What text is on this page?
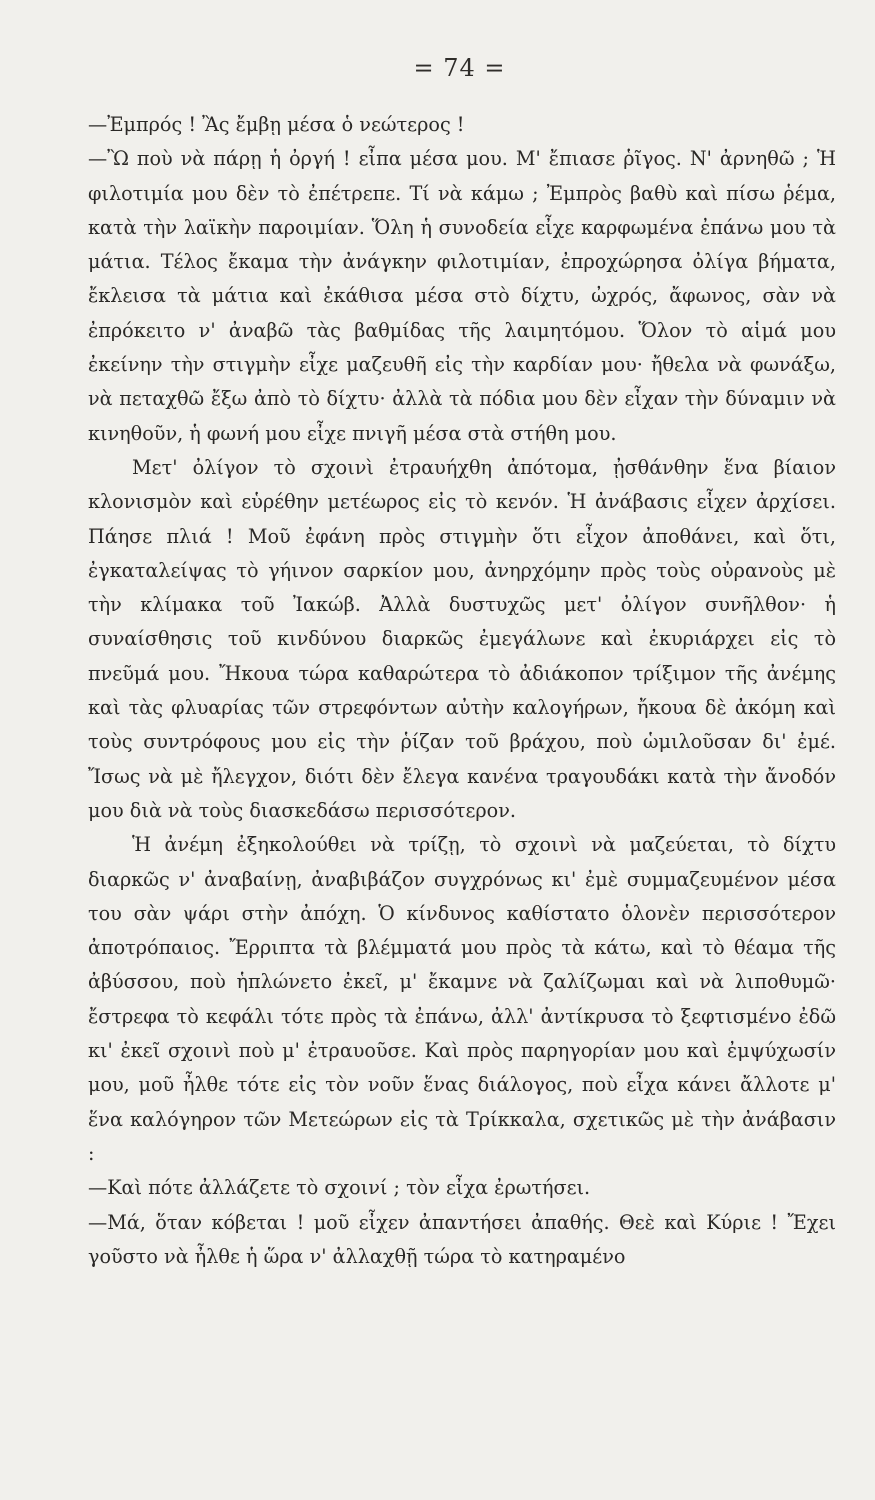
= 74 =

—Ἐμπρός ! Ἂς ἔμβῃ μέσα ὁ νεώτερος !

—Ὢ ποὺ νὰ πάρῃ ἡ ὀργή ! εἶπα μέσα μου. Μ' ἔπιασε ῥῖγος. Ν' ἀρνηθῶ ; Ἡ φιλοτιμία μου δὲν τὸ ἐπέτρεπε. Τί νὰ κάμω ; Ἐμπρὸς βαθὺ καὶ πίσω ῥέμα, κατὰ τὴν λαϊκὴν παροιμίαν. Ὅλη ἡ συνοδεία εἶχε καρφωμένα ἐπάνω μου τὰ μάτια. Τέλος ἔκαμα τὴν ἀνάγκην φιλοτιμίαν, ἐπροχώρησα ὀλίγα βήματα, ἔκλεισα τὰ μάτια καὶ ἐκάθισα μέσα στὸ δίχτυ, ὠχρός, ἄφωνος, σὰν νὰ ἐπρόκειτο ν' ἀναβῶ τὰς βαθμίδας τῆς λαιμητόμου. Ὅλον τὸ αἱμά μου ἐκείνην τὴν στιγμὴν εἶχε μαζευθῆ εἰς τὴν καρδίαν μου· ἤθελα νὰ φωνάξω, νὰ πεταχθῶ ἔξω ἀπὸ τὸ δίχτυ· ἀλλὰ τὰ πόδια μου δὲν εἶχαν τὴν δύναμιν νὰ κινηθοῦν, ἡ φωνή μου εἶχε πνιγῆ μέσα στὰ στήθη μου.

Μετ' ὀλίγον τὸ σχοινὶ ἐτραυήχθη ἀπότομα, ᾐσθάνθην ἕνα βίαιον κλονισμὸν καὶ εὑρέθην μετέωρος εἰς τὸ κενόν. Ἡ ἀνάβασις εἶχεν ἀρχίσει. Πάησε πλιά ! Μοῦ ἐφάνη πρὸς στιγμὴν ὅτι εἶχον ἀποθάνει, καὶ ὅτι, ἐγκαταλείψας τὸ γήινον σαρκίον μου, ἀνηρχόμην πρὸς τοὺς οὐρανοὺς μὲ τὴν κλίμακα τοῦ Ἰακώβ. Ἀλλὰ δυστυχῶς μετ' ὀλίγον συνῆλθον· ἡ συναίσθησις τοῦ κινδύνου διαρκῶς ἐμεγάλωνε καὶ ἐκυριάρχει εἰς τὸ πνεῦμά μου. Ἤκουα τώρα καθαρώτερα τὸ ἀδιάκοπον τρίξιμον τῆς ἀνέμης καὶ τὰς φλυαρίας τῶν στρεφόντων αὐτὴν καλογήρων, ἤκουα δὲ ἀκόμη καὶ τοὺς συντρόφους μου εἰς τὴν ῥίζαν τοῦ βράχου, ποὺ ὡμιλοῦσαν δι' ἐμέ. Ἴσως νὰ μὲ ἤλεγχον, διότι δὲν ἔλεγα κανένα τραγουδάκι κατὰ τὴν ἄνοδόν μου διὰ νὰ τοὺς διασκεδάσω περισσότερον.

Ἡ ἀνέμη ἐξηκολούθει νὰ τρίζῃ, τὸ σχοινὶ νὰ μαζεύεται, τὸ δίχτυ διαρκῶς ν' ἀναβαίνῃ, ἀναβιβάζον συγχρόνως κι' ἐμὲ συμμαζευμένον μέσα του σὰν ψάρι στὴν ἀπόχη. Ὁ κίνδυνος καθίστατο ὁλονὲν περισσότερον ἀποτρόπαιος. Ἔρριπτα τὰ βλέμματά μου πρὸς τὰ κάτω, καὶ τὸ θέαμα τῆς ἀβύσσου, ποὺ ἡπλώνετο ἐκεῖ, μ' ἔκαμνε νὰ ζαλίζωμαι καὶ νὰ λιποθυμῶ· ἔστρεφα τὸ κεφάλι τότε πρὸς τὰ ἐπάνω, ἀλλ' ἀντίκρυσα τὸ ξεφτισμένο ἐδῶ κι' ἐκεῖ σχοινὶ ποὺ μ' ἐτραυοῦσε. Καὶ πρὸς παρηγορίαν μου καὶ ἐμψύχωσίν μου, μοῦ ἦλθε τότε εἰς τὸν νοῦν ἕνας διάλογος, ποὺ εἶχα κάνει ἄλλοτε μ' ἕνα καλόγηρον τῶν Μετεώρων εἰς τὰ Τρίκκαλα, σχετικῶς μὲ τὴν ἀνάβασιν :

—Καὶ πότε ἀλλάζετε τὸ σχοινί ; τὸν εἶχα ἐρωτήσει.

—Μά, ὅταν κόβεται ! μοῦ εἶχεν ἀπαντήσει ἀπαθής. Θεὲ καὶ Κύριε ! Ἔχει γοῦστο νὰ ἦλθε ἡ ὥρα ν' ἀλλαχθῇ τώρα τὸ κατηραμένο
